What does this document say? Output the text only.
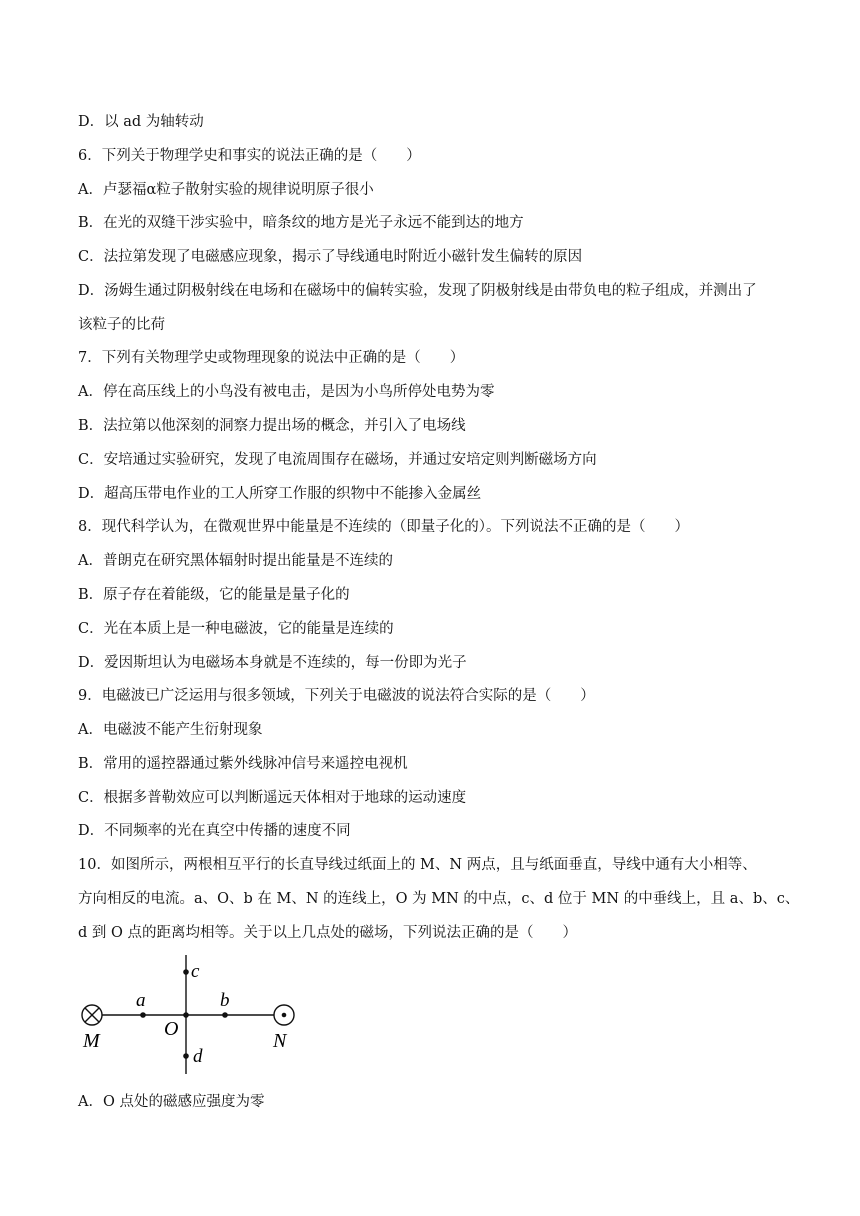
D．以 ad 为轴转动
6．下列关于物理学史和事实的说法正确的是（　　）
A．卢瑟福α粒子散射实验的规律说明原子很小
B．在光的双缝干涉实验中，暗条纹的地方是光子永远不能到达的地方
C．法拉第发现了电磁感应现象，揭示了导线通电时附近小磁针发生偏转的原因
D．汤姆生通过阴极射线在电场和在磁场中的偏转实验，发现了阴极射线是由带负电的粒子组成，并测出了
该粒子的比荷
7．下列有关物理学史或物理现象的说法中正确的是（　　）
A．停在高压线上的小鸟没有被电击，是因为小鸟所停处电势为零
B．法拉第以他深刻的洞察力提出场的概念，并引入了电场线
C．安培通过实验研究，发现了电流周围存在磁场，并通过安培定则判断磁场方向
D．超高压带电作业的工人所穿工作服的织物中不能掺入金属丝
8．现代科学认为，在微观世界中能量是不连续的（即量子化的）。下列说法不正确的是（　　）
A．普朗克在研究黑体辐射时提出能量是不连续的
B．原子存在着能级，它的能量是量子化的
C．光在本质上是一种电磁波，它的能量是连续的
D．爱因斯坦认为电磁场本身就是不连续的，每一份即为光子
9．电磁波已广泛运用与很多领域，下列关于电磁波的说法符合实际的是（　　）
A．电磁波不能产生衍射现象
B．常用的遥控器通过紫外线脉冲信号来遥控电视机
C．根据多普勒效应可以判断遥远天体相对于地球的运动速度
D．不同频率的光在真空中传播的速度不同
10．如图所示，两根相互平行的长直导线过纸面上的 M、N 两点，且与纸面垂直，导线中通有大小相等、
方向相反的电流。a、O、b 在 M、N 的连线上，O 为 MN 的中点，c、d 位于 MN 的中垂线上，且 a、b、c、
d 到 O 点的距离均相等。关于以上几点处的磁场，下列说法正确的是（　　）
M	N
O
a	b
c
d
A．O 点处的磁感应强度为零
